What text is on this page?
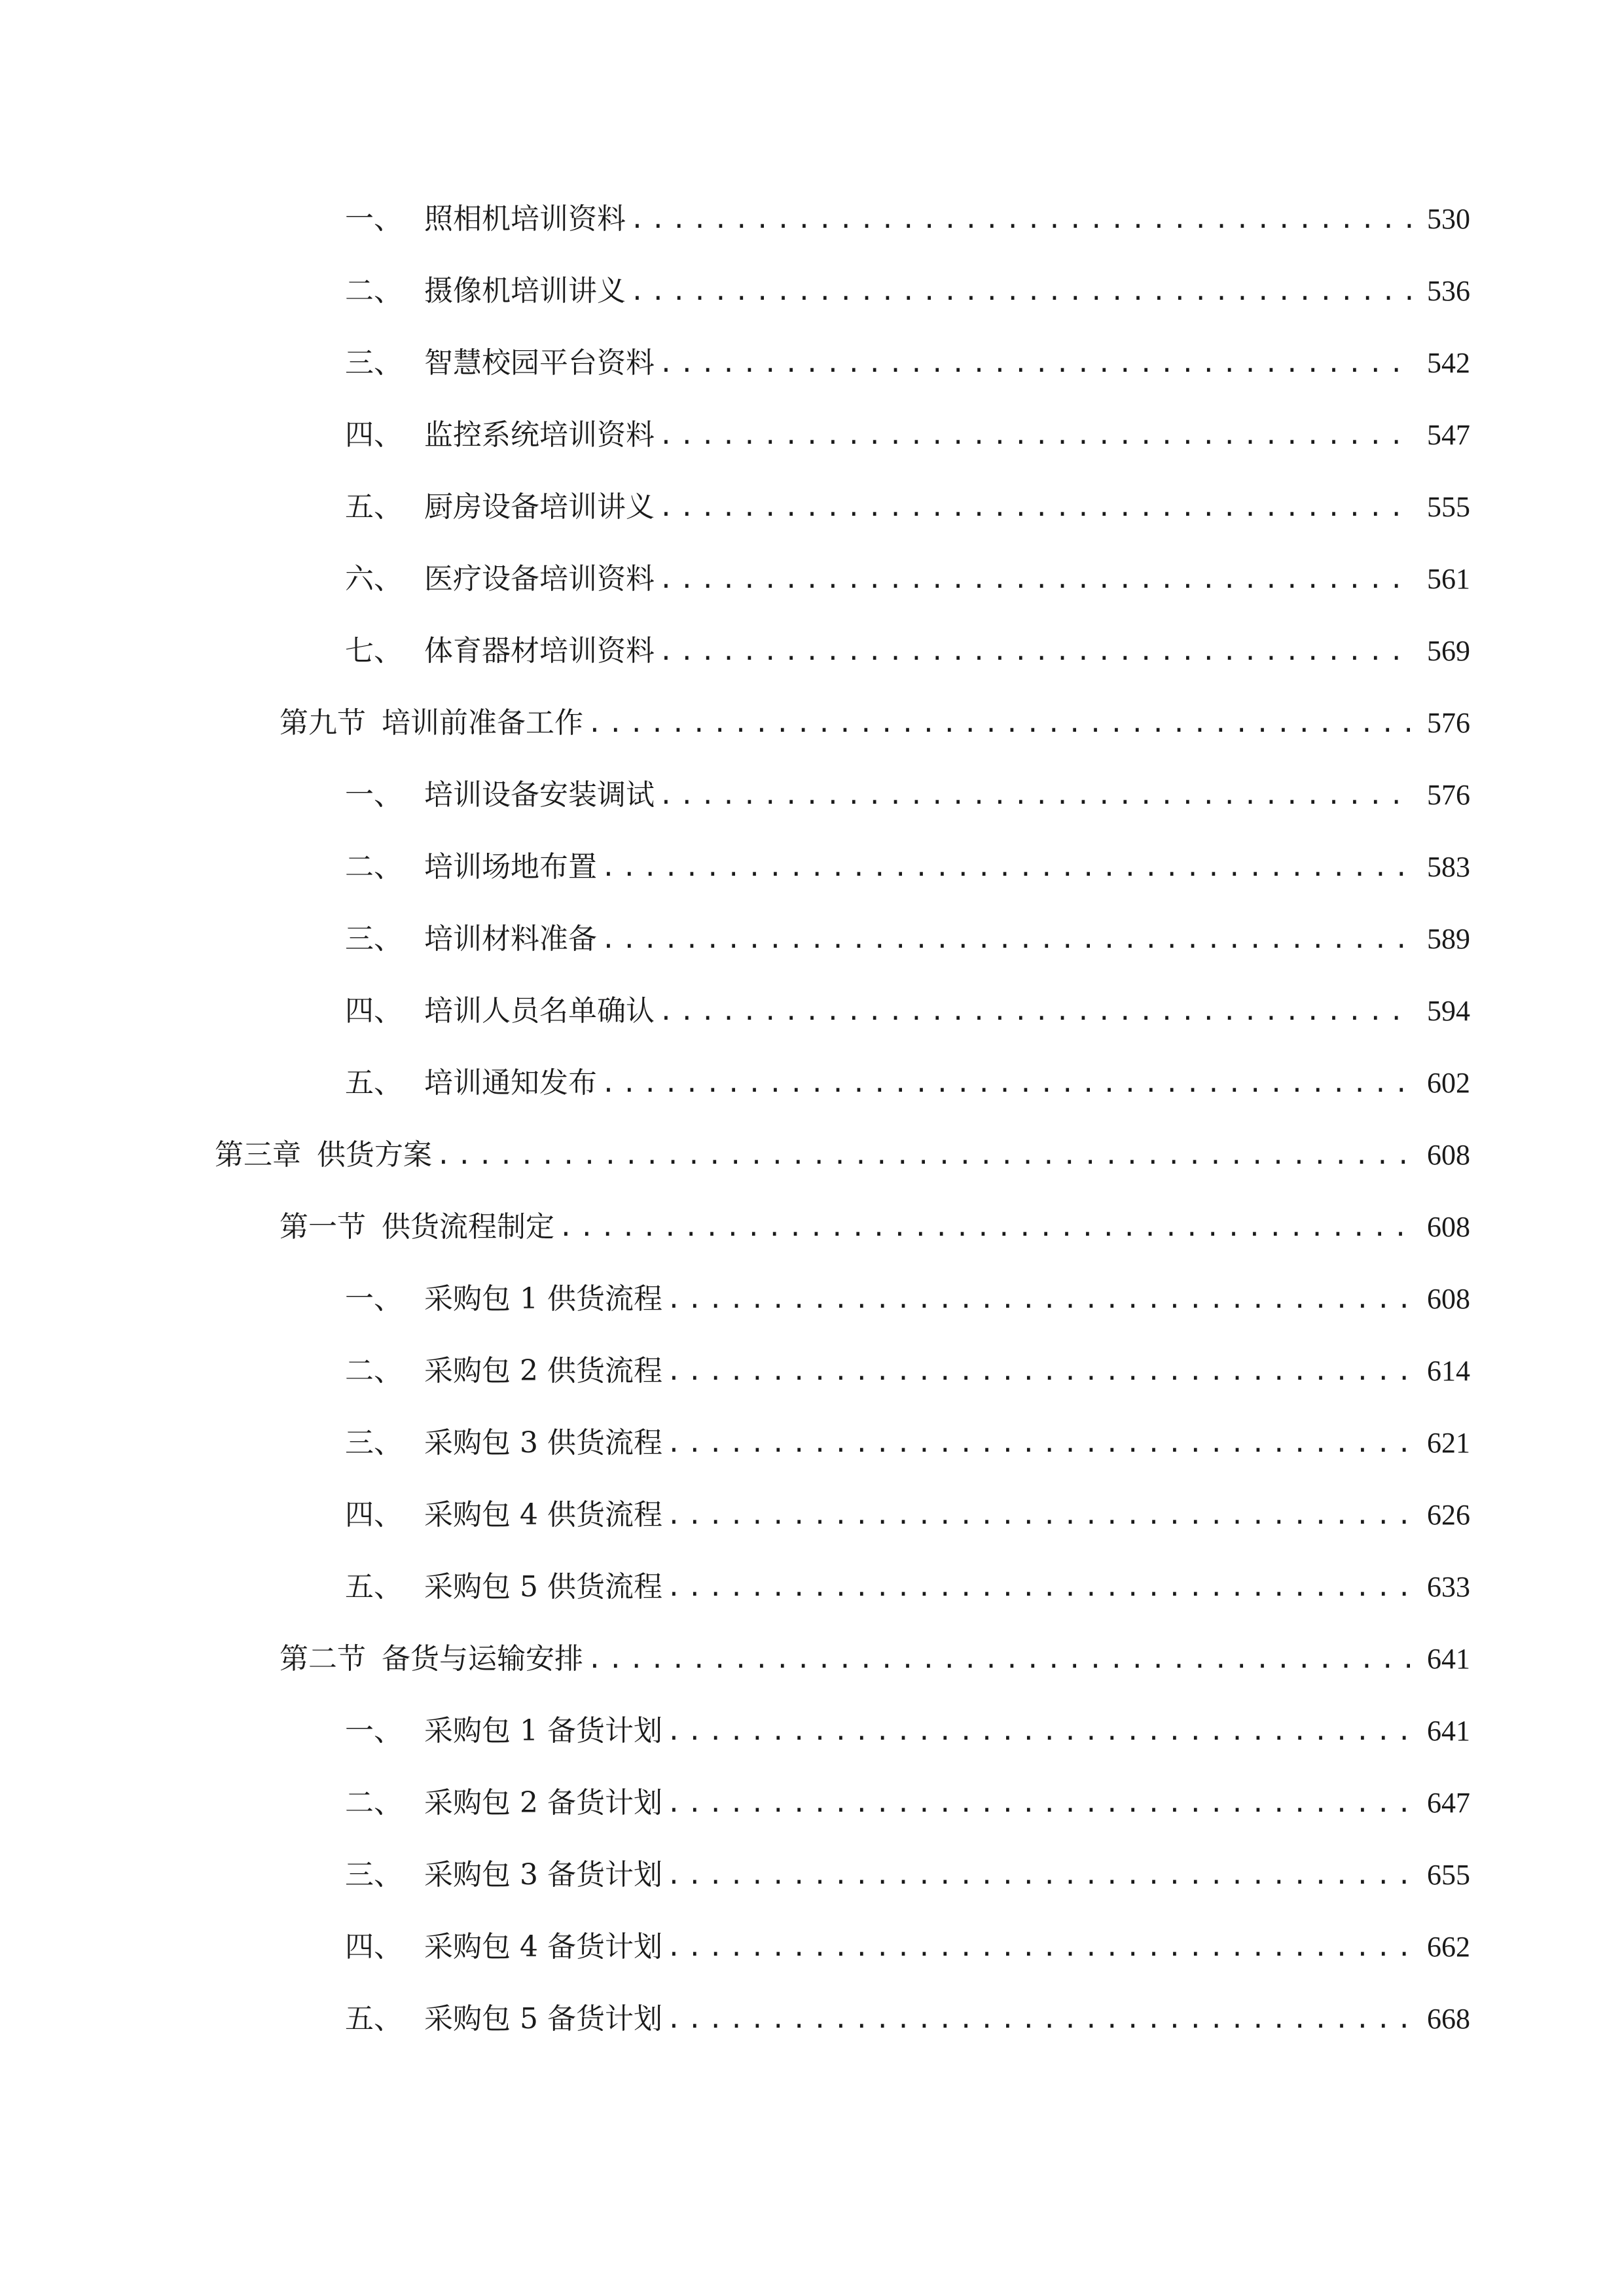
一、 照相机培训资料 .....	530
二、 摄像机培训讲义 .....	536
三、 智慧校园平台资料 .....	542
四、 监控系统培训资料 .....	547
五、 厨房设备培训讲义 .....	555
六、 医疗设备培训资料 .....	561
七、 体育器材培训资料 .....	569
第九节 培训前准备工作 .....	576
一、 培训设备安装调试 .....	576
二、 培训场地布置 .....	583
三、 培训材料准备 .....	589
四、 培训人员名单确认 .....	594
五、 培训通知发布 .....	602
第三章 供货方案 .....	608
第一节 供货流程制定 .....	608
一、 采购包 1 供货流程 .....	608
二、 采购包 2 供货流程 .....	614
三、 采购包 3 供货流程 .....	621
四、 采购包 4 供货流程 .....	626
五、 采购包 5 供货流程 .....	633
第二节 备货与运输安排 .....	641
一、 采购包 1 备货计划 .....	641
二、 采购包 2 备货计划 .....	647
三、 采购包 3 备货计划 .....	655
四、 采购包 4 备货计划 .....	662
五、 采购包 5 备货计划 .....	668
